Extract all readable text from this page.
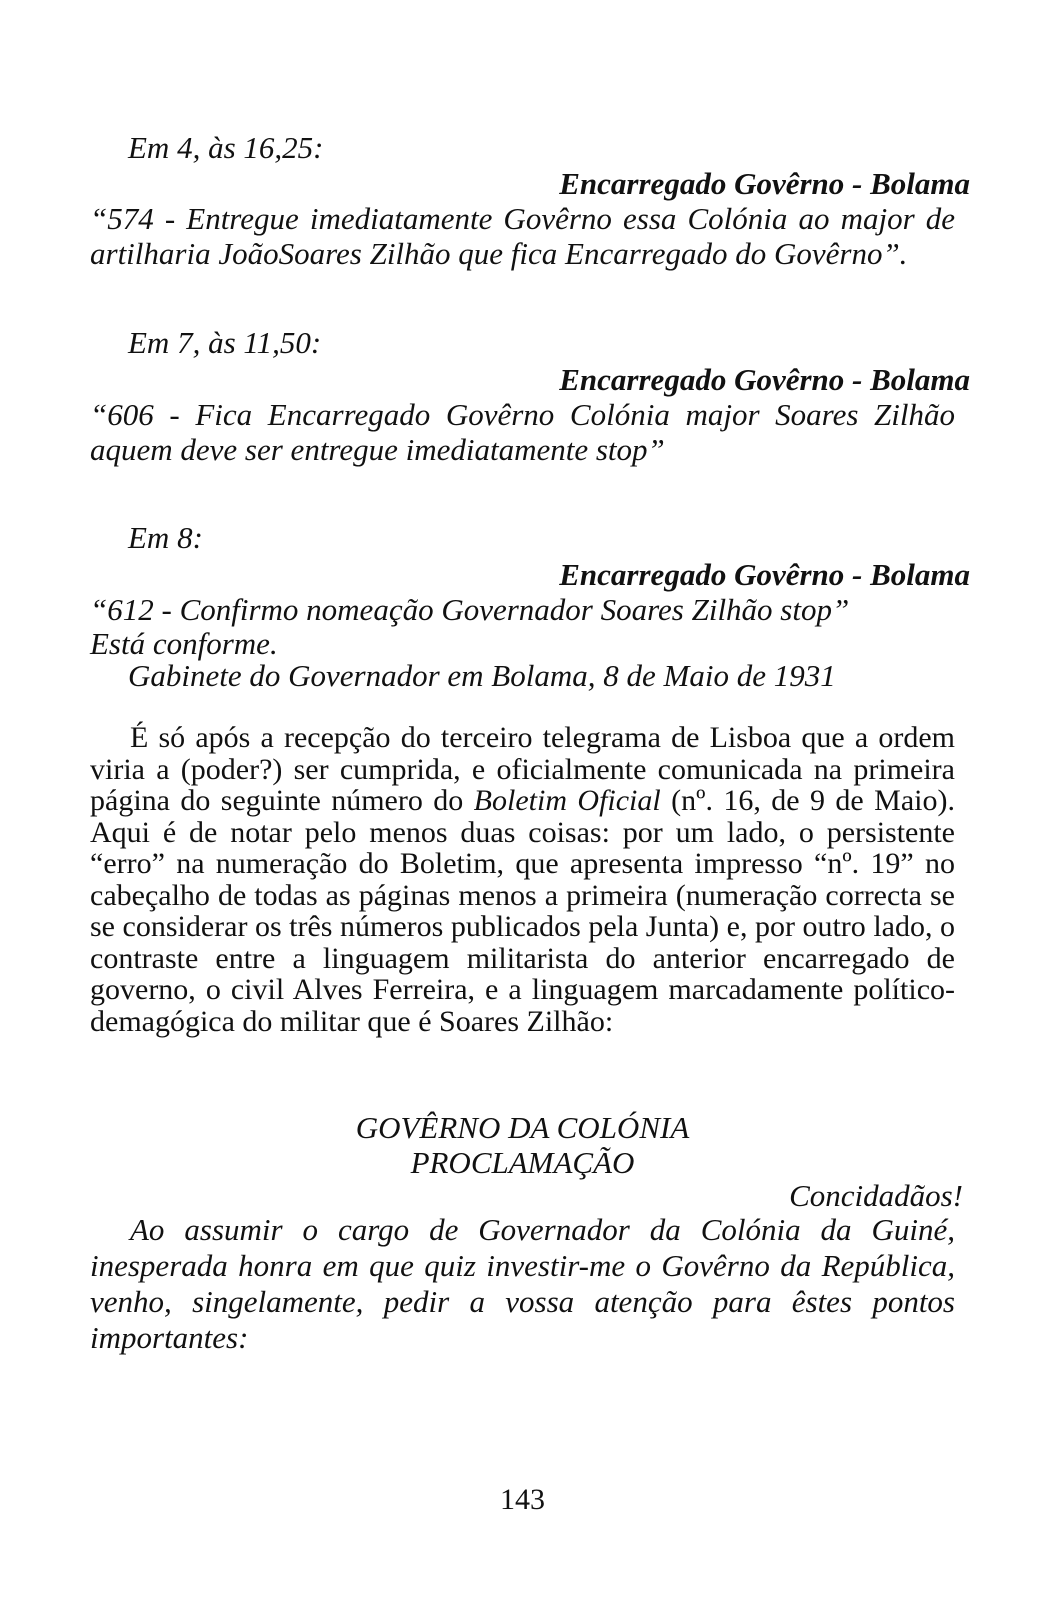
Em 4, às 16,25:
Encarregado Govêrno - Bolama
“574 - Entregue imediatamente Govêrno essa Colónia ao major de artilharia JoãoSoares Zilhão que fica Encarregado do Govêrno”.
Em 7, às 11,50:
Encarregado Govêrno - Bolama
“606 - Fica Encarregado Govêrno Colónia major Soares Zilhão aquem deve ser entregue imediatamente stop”
Em 8:
Encarregado Govêrno - Bolama
“612 - Confirmo nomeação Governador Soares Zilhão stop”
Está conforme.
Gabinete do Governador em Bolama, 8 de Maio de 1931
É só após a recepção do terceiro telegrama de Lisboa que a ordem viria a (poder?) ser cumprida, e oficialmente comunicada na primeira página do seguinte número do Boletim Oficial (nº. 16, de 9 de Maio). Aqui é de notar pelo menos duas coisas: por um lado, o persistente “erro” na numeração do Boletim, que apresenta impresso “nº. 19” no cabeçalho de todas as páginas menos a primeira (numeração correcta se se considerar os três números publicados pela Junta) e, por outro lado, o contraste entre a linguagem militarista do anterior encarregado de governo, o civil Alves Ferreira, e a linguagem marcadamente político-demagógica do militar que é Soares Zilhão:
GOVÊRNO DA COLÓNIA
PROCLAMAÇÃO
Concidadãos!
Ao assumir o cargo de Governador da Colónia da Guiné, inesperada honra em que quiz investir-me o Govêrno da República, venho, singelamente, pedir a vossa atenção para êstes pontos importantes:
143
